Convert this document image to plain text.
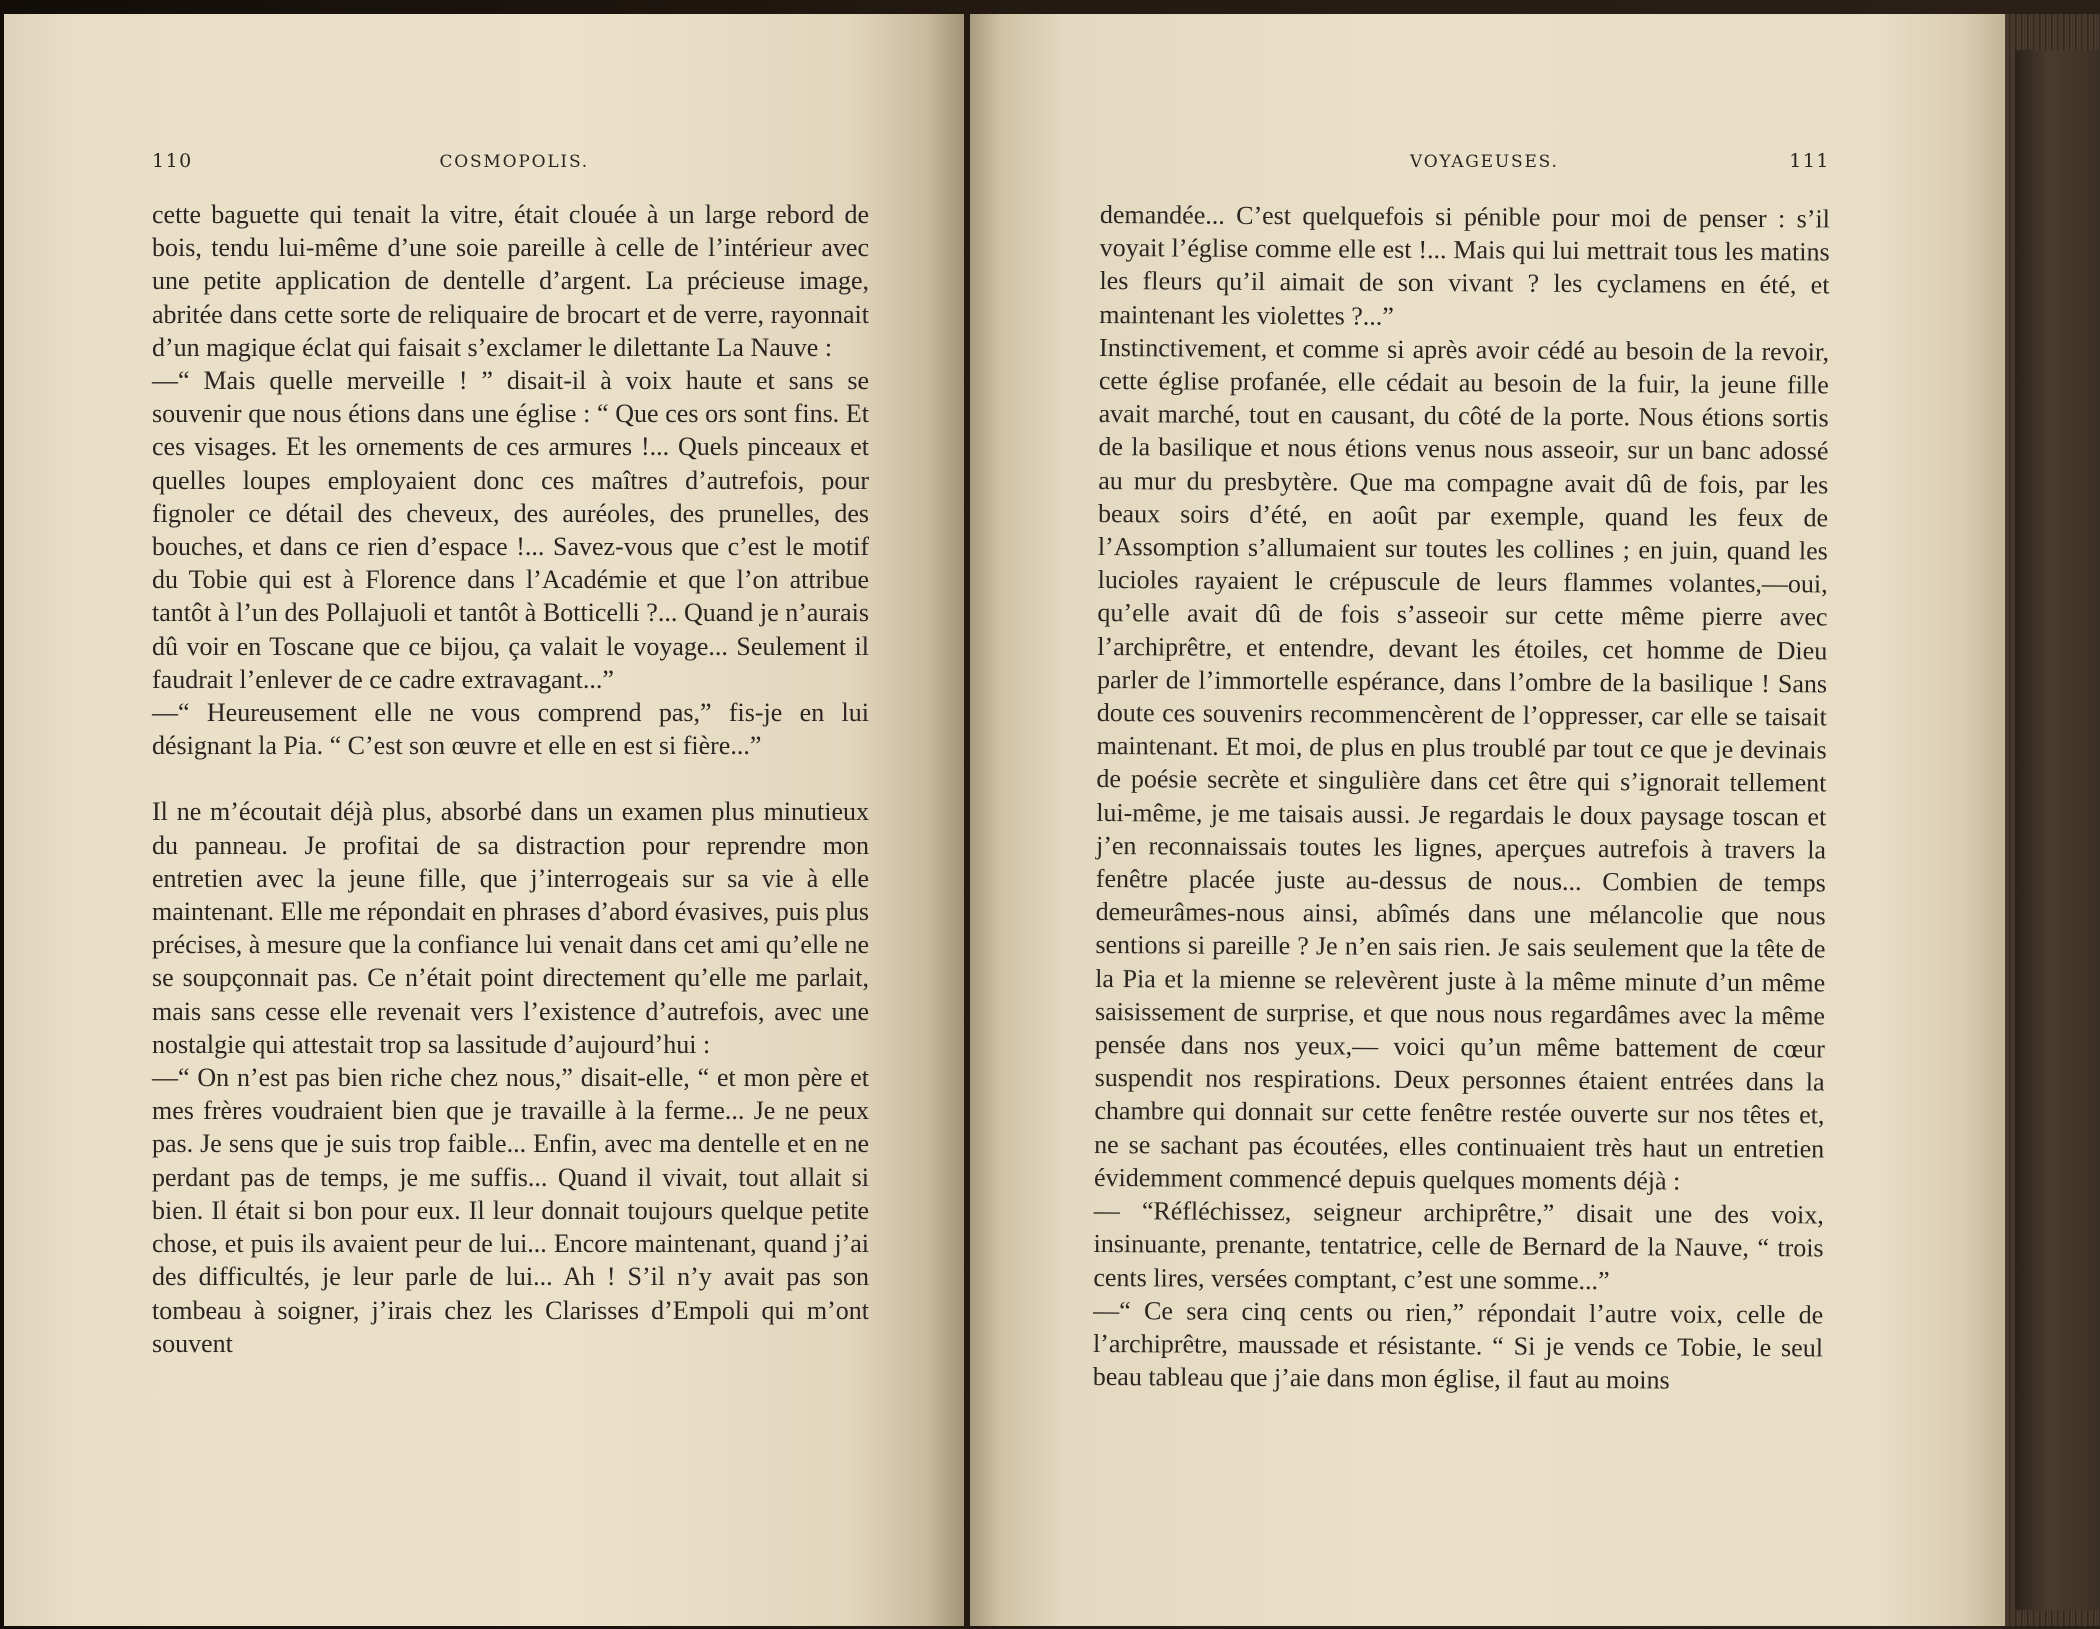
110	COSMOPOLIS.

cette baguette qui tenait la vitre, était clouée à un large rebord de bois, tendu lui-même d’une soie pareille à celle de l’intérieur avec une petite application de dentelle d’argent. La précieuse image, abritée dans cette sorte de reliquaire de brocart et de verre, rayonnait d’un magique éclat qui faisait s’exclamer le dilettante La Nauve :

—“ Mais quelle merveille ! ” disait-il à voix haute et sans se souvenir que nous étions dans une église : “ Que ces ors sont fins. Et ces visages. Et les ornements de ces armures !... Quels pinceaux et quelles loupes employaient donc ces maîtres d’autrefois, pour fignoler ce détail des cheveux, des auréoles, des prunelles, des bouches, et dans ce rien d’espace !... Savez-vous que c’est le motif du Tobie qui est à Florence dans l’Académie et que l’on attribue tantôt à l’un des Pollajuoli et tantôt à Botticelli ?... Quand je n’aurais dû voir en Toscane que ce bijou, ça valait le voyage... Seulement il faudrait l’enlever de ce cadre extravagant...”

—“ Heureusement elle ne vous comprend pas,” fis-je en lui désignant la Pia. “ C’est son œuvre et elle en est si fière...”

Il ne m’écoutait déjà plus, absorbé dans un examen plus minutieux du panneau. Je profitai de sa distraction pour reprendre mon entretien avec la jeune fille, que j’interrogeais sur sa vie à elle maintenant. Elle me répondait en phrases d’abord évasives, puis plus précises, à mesure que la confiance lui venait dans cet ami qu’elle ne se soupçonnait pas. Ce n’était point directement qu’elle me parlait, mais sans cesse elle revenait vers l’existence d’autrefois, avec une nostalgie qui attestait trop sa lassitude d’aujourd’hui :

—“ On n’est pas bien riche chez nous,” disait-elle, “ et mon père et mes frères voudraient bien que je travaille à la ferme... Je ne peux pas. Je sens que je suis trop faible... Enfin, avec ma dentelle et en ne perdant pas de temps, je me suffis... Quand il vivait, tout allait si bien. Il était si bon pour eux. Il leur donnait toujours quelque petite chose, et puis ils avaient peur de lui... Encore maintenant, quand j’ai des difficultés, je leur parle de lui... Ah ! S’il n’y avait pas son tombeau à soigner, j’irais chez les Clarisses d’Empoli qui m’ont souvent

VOYAGEUSES.	111

demandée... C’est quelquefois si pénible pour moi de penser : s’il voyait l’église comme elle est !... Mais qui lui mettrait tous les matins les fleurs qu’il aimait de son vivant ? les cyclamens en été, et maintenant les violettes ?...”

Instinctivement, et comme si après avoir cédé au besoin de la revoir, cette église profanée, elle cédait au besoin de la fuir, la jeune fille avait marché, tout en causant, du côté de la porte. Nous étions sortis de la basilique et nous étions venus nous asseoir, sur un banc adossé au mur du presbytère. Que ma compagne avait dû de fois, par les beaux soirs d’été, en août par exemple, quand les feux de l’Assomption s’allumaient sur toutes les collines ; en juin, quand les lucioles rayaient le crépuscule de leurs flammes volantes,—oui, qu’elle avait dû de fois s’asseoir sur cette même pierre avec l’archiprêtre, et entendre, devant les étoiles, cet homme de Dieu parler de l’immortelle espérance, dans l’ombre de la basilique ! Sans doute ces souvenirs recommencèrent de l’oppresser, car elle se taisait maintenant. Et moi, de plus en plus troublé par tout ce que je devinais de poésie secrète et singulière dans cet être qui s’ignorait tellement lui-même, je me taisais aussi. Je regardais le doux paysage toscan et j’en reconnaissais toutes les lignes, aperçues autrefois à travers la fenêtre placée juste au-dessus de nous... Combien de temps demeurâmes-nous ainsi, abîmés dans une mélancolie que nous sentions si pareille ? Je n’en sais rien. Je sais seulement que la tête de la Pia et la mienne se relevèrent juste à la même minute d’un même saisissement de surprise, et que nous nous regardâmes avec la même pensée dans nos yeux,— voici qu’un même battement de cœur suspendit nos respirations. Deux personnes étaient entrées dans la chambre qui donnait sur cette fenêtre restée ouverte sur nos têtes et, ne se sachant pas écoutées, elles continuaient très haut un entretien évidemment commencé depuis quelques moments déjà :

— “Réfléchissez, seigneur archiprêtre,” disait une des voix, insinuante, prenante, tentatrice, celle de Bernard de la Nauve, “ trois cents lires, versées comptant, c’est une somme...”

—“ Ce sera cinq cents ou rien,” répondait l’autre voix, celle de l’archiprêtre, maussade et résistante. “ Si je vends ce Tobie, le seul beau tableau que j’aie dans mon église, il faut au moins
